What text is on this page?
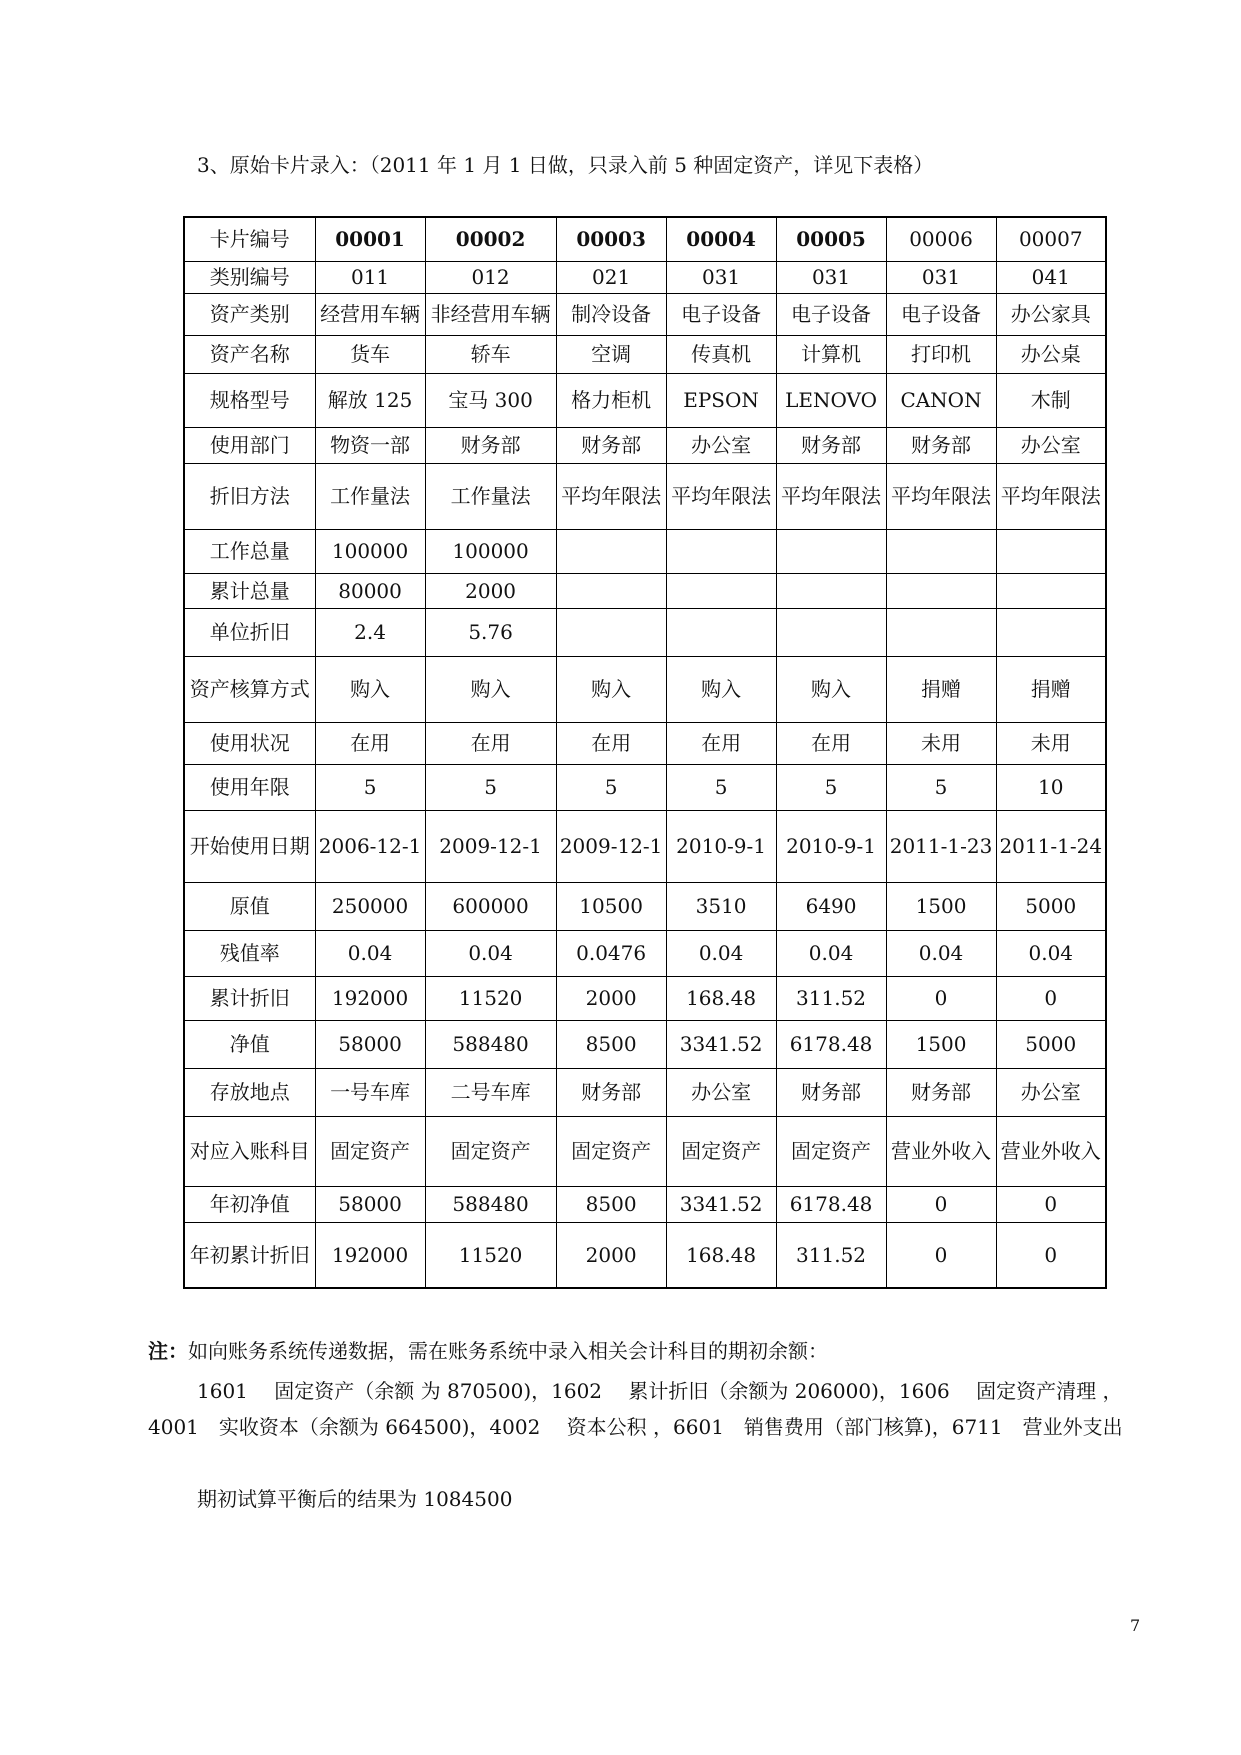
3、原始卡片录入：（2011 年 1 月 1 日做，只录入前 5 种固定资产，详见下表格）
卡片编号	00001	00002	00003	00004	00005	00006	00007
类别编号	011	012	021	031	031	031	041
资产类别	经营用车辆	非经营用车辆	制冷设备	电子设备	电子设备	电子设备	办公家具
资产名称	货车	轿车	空调	传真机	计算机	打印机	办公桌
规格型号	解放 125	宝马 300	格力柜机	EPSON	LENOVO	CANON	木制
使用部门	物资一部	财务部	财务部	办公室	财务部	财务部	办公室
折旧方法	工作量法	工作量法	平均年限法	平均年限法	平均年限法	平均年限法	平均年限法
工作总量	100000	100000					
累计总量	80000	2000					
单位折旧	2.4	5.76					
资产核算方式	购入	购入	购入	购入	购入	捐赠	捐赠
使用状况	在用	在用	在用	在用	在用	未用	未用
使用年限	5	5	5	5	5	5	10
开始使用日期	2006-12-1	2009-12-1	2009-12-1	2010-9-1	2010-9-1	2011-1-23	2011-1-24
原值	250000	600000	10500	3510	6490	1500	5000
残值率	0.04	0.04	0.0476	0.04	0.04	0.04	0.04
累计折旧	192000	11520	2000	168.48	311.52	0	0
净值	58000	588480	8500	3341.52	6178.48	1500	5000
存放地点	一号车库	二号车库	财务部	办公室	财务部	财务部	办公室
对应入账科目	固定资产	固定资产	固定资产	固定资产	固定资产	营业外收入	营业外收入
年初净值	58000	588480	8500	3341.52	6178.48	0	0
年初累计折旧	192000	11520	2000	168.48	311.52	0	0
注：如向账务系统传递数据，需在账务系统中录入相关会计科目的期初余额：
1601　 固定资产（余额 为 870500)，1602　 累计折旧（余额为 206000)，1606　 固定资产清理 ，
4001　实收资本（余额为 664500)，4002　 资本公积 ，6601　销售费用（部门核算)，6711　营业外支出
期初试算平衡后的结果为 1084500
7
